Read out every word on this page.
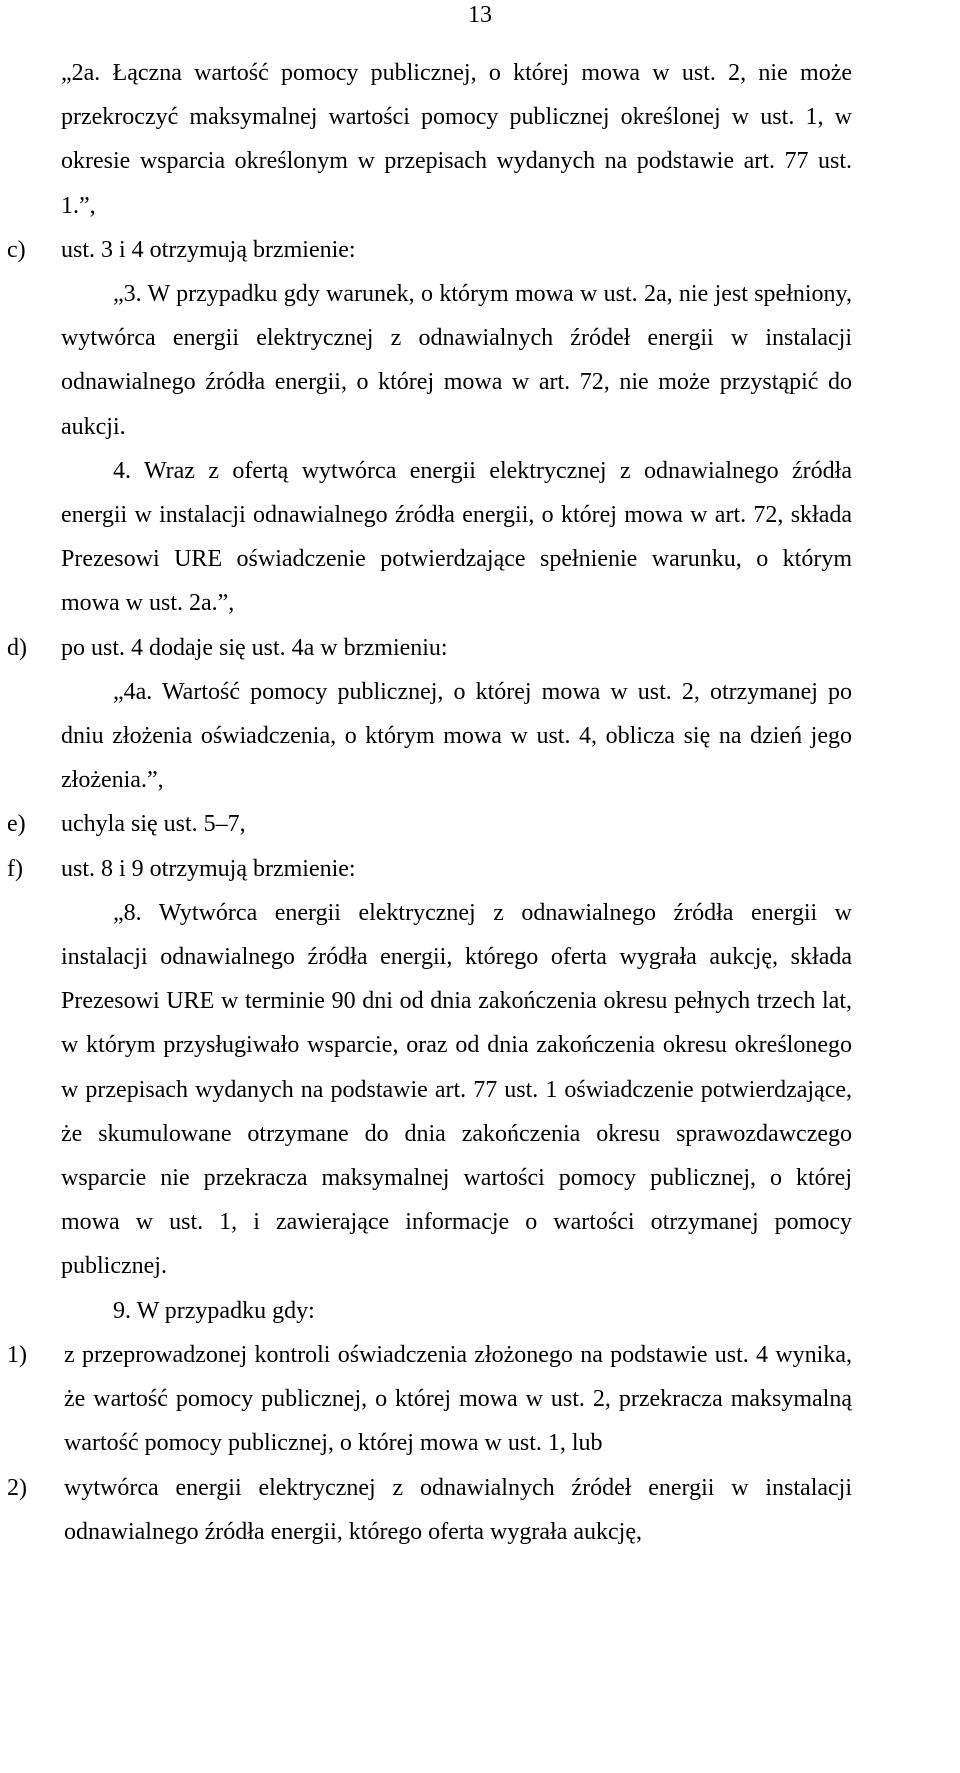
13

„2a. Łączna wartość pomocy publicznej, o której mowa w ust. 2, nie może przekroczyć maksymalnej wartości pomocy publicznej określonej w ust. 1, w okresie wsparcia określonym w przepisach wydanych na podstawie art. 77 ust. 1.”,

c)	ust. 3 i 4 otrzymują brzmienie:

„3. W przypadku gdy warunek, o którym mowa w ust. 2a, nie jest spełniony, wytwórca energii elektrycznej z odnawialnych źródeł energii w instalacji odnawialnego źródła energii, o której mowa w art. 72, nie może przystąpić do aukcji.

4. Wraz z ofertą wytwórca energii elektrycznej z odnawialnego źródła energii w instalacji odnawialnego źródła energii, o której mowa w art. 72, składa Prezesowi URE oświadczenie potwierdzające spełnienie warunku, o którym mowa w ust. 2a.”,

d)	po ust. 4 dodaje się ust. 4a w brzmieniu:

„4a. Wartość pomocy publicznej, o której mowa w ust. 2, otrzymanej po dniu złożenia oświadczenia, o którym mowa w ust. 4, oblicza się na dzień jego złożenia.”,

e)	uchyla się ust. 5–7,
f)	ust. 8 i 9 otrzymują brzmienie:

„8. Wytwórca energii elektrycznej z odnawialnego źródła energii w instalacji odnawialnego źródła energii, którego oferta wygrała aukcję, składa Prezesowi URE w terminie 90 dni od dnia zakończenia okresu pełnych trzech lat, w którym przysługiwało wsparcie, oraz od dnia zakończenia okresu określonego w przepisach wydanych na podstawie art. 77 ust. 1 oświadczenie potwierdzające, że skumulowane otrzymane do dnia zakończenia okresu sprawozdawczego wsparcie nie przekracza maksymalnej wartości pomocy publicznej, o której mowa w ust. 1, i zawierające informacje o wartości otrzymanej pomocy publicznej.

9. W przypadku gdy:

1)	z przeprowadzonej kontroli oświadczenia złożonego na podstawie ust. 4 wynika, że wartość pomocy publicznej, o której mowa w ust. 2, przekracza maksymalną wartość pomocy publicznej, o której mowa w ust. 1, lub
2)	wytwórca energii elektrycznej z odnawialnych źródeł energii w instalacji odnawialnego źródła energii, którego oferta wygrała aukcję,
